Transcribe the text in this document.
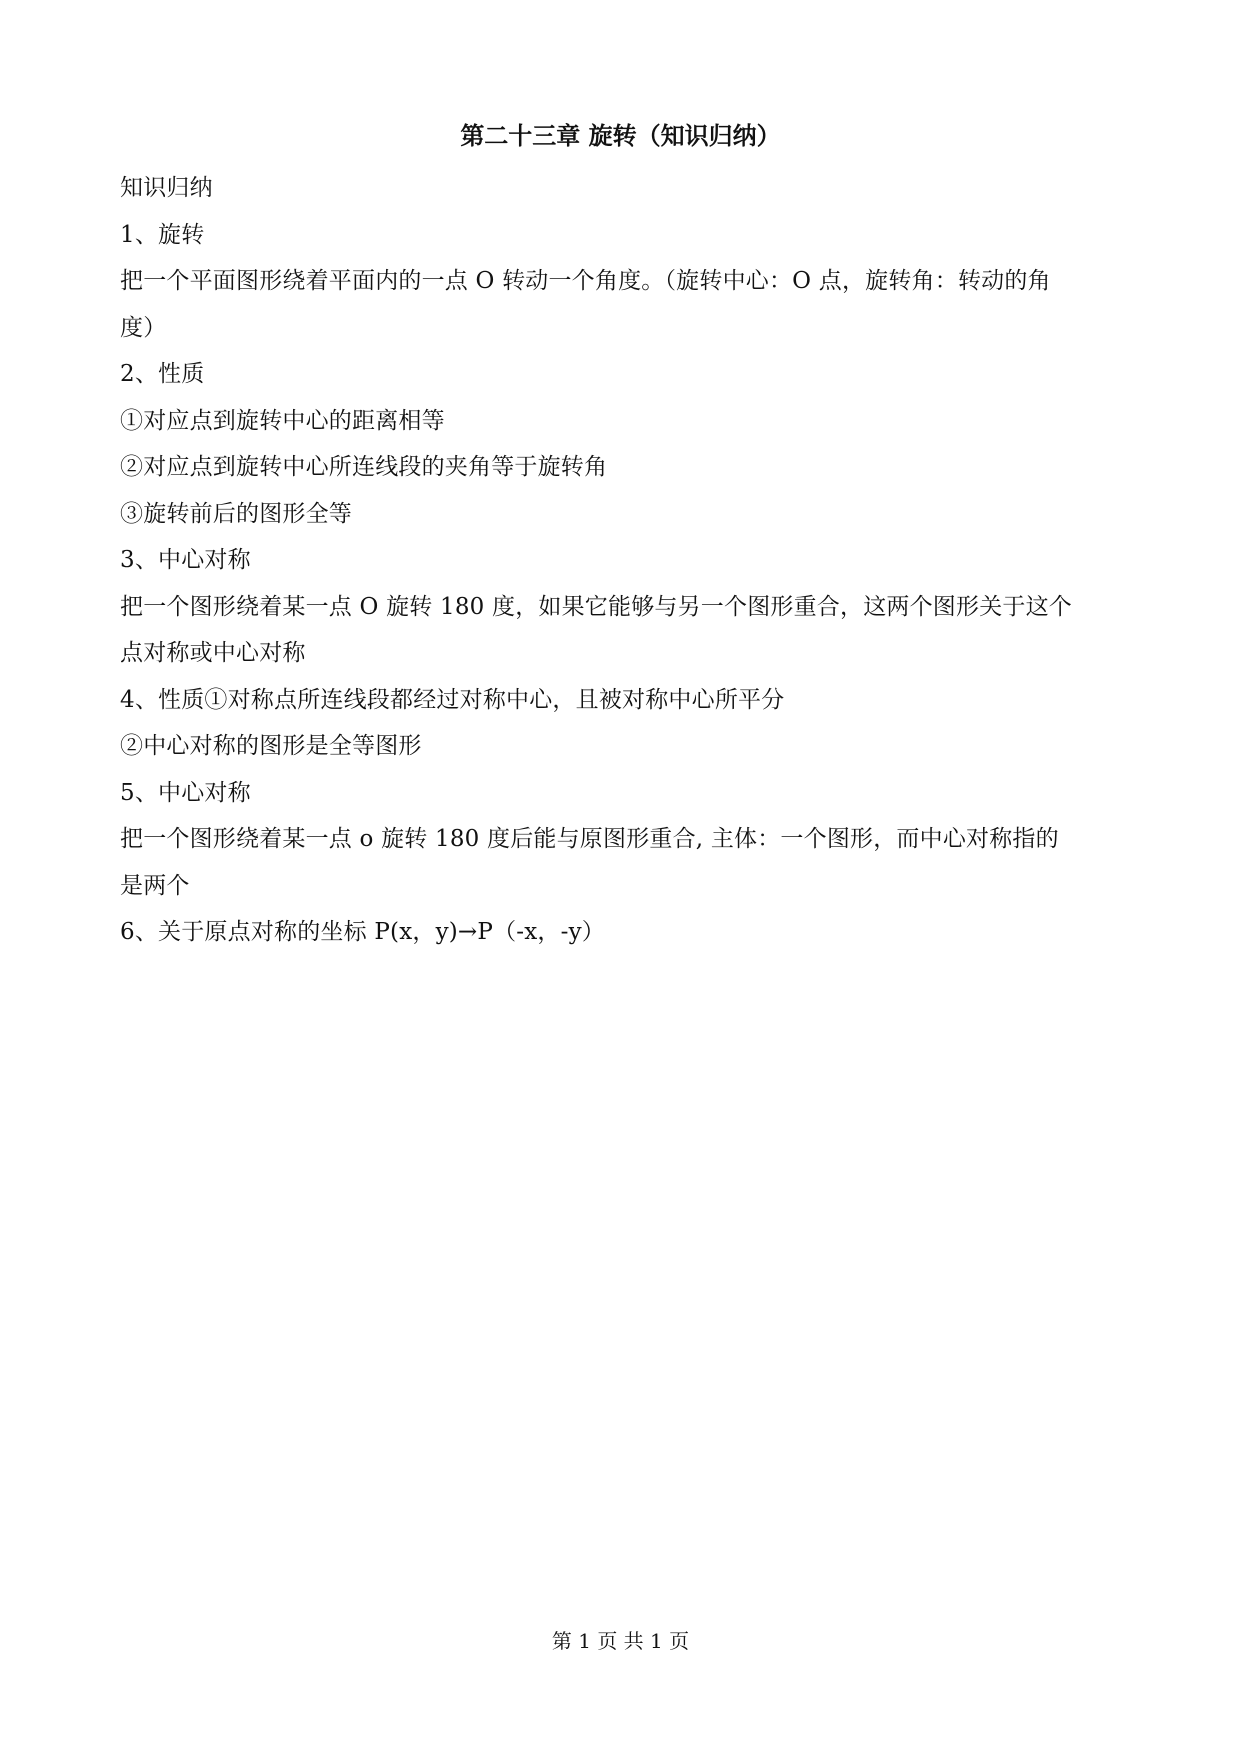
第二十三章 旋转（知识归纳）
知识归纳
1、旋转
把一个平面图形绕着平面内的一点 O 转动一个角度。（旋转中心：O 点，旋转角：转动的角
度）
2、性质
①对应点到旋转中心的距离相等
②对应点到旋转中心所连线段的夹角等于旋转角
③旋转前后的图形全等
3、中心对称
把一个图形绕着某一点 O 旋转 180 度，如果它能够与另一个图形重合，这两个图形关于这个
点对称或中心对称
4、性质①对称点所连线段都经过对称中心，且被对称中心所平分
②中心对称的图形是全等图形
5、中心对称
把一个图形绕着某一点 o 旋转 180 度后能与原图形重合, 主体：一个图形，而中心对称指的
是两个
6、关于原点对称的坐标 P(x，y)→P（-x，-y）
第 1 页 共 1 页
